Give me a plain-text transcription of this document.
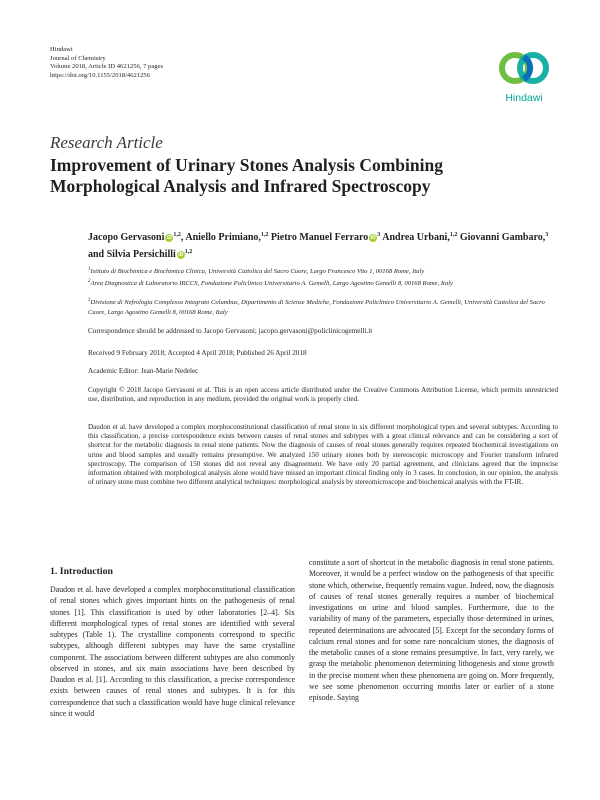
Hindawi
Journal of Chemistry
Volume 2018, Article ID 4621256, 7 pages
https://doi.org/10.1155/2018/4621256
Hindawi
Research Article
Improvement of Urinary Stones Analysis Combining Morphological Analysis and Infrared Spectroscopy
Jacopo Gervasoni iD $^{1,2}$, Aniello Primiano,$^{1,2}$ Pietro Manuel Ferraro iD $^3$ Andrea Urbani,$^{1,2}$ Giovanni Gambaro,$^3$ and Silvia Persichilli iD $^{1,2}$
$^1$Istituto di Biochimica e Biochimica Clinica, Università Cattolica del Sacro Cuore, Largo Francesco Vito 1, 00168 Rome, Italy
$^2$Area Diagnostica di Laboratorio IRCCS, Fondazione Policlinico Universitario A. Gemelli, Largo Agostino Gemelli 8, 00168 Rome, Italy
$^3$Divisione di Nefrologia Complesso Integrato Columbus, Dipartimento di Scienze Mediche, Fondazione Policlinico Universitario A. Gemelli, Università Cattolica del Sacro Cuore, Largo Agostino Gemelli 8, 00168 Rome, Italy
Correspondence should be addressed to Jacopo Gervasoni; jacopo.gervasoni@policlinicogemelli.it
Received 9 February 2018; Accepted 4 April 2018; Published 26 April 2018
Academic Editor: Jean-Marie Nedelec
Copyright © 2018 Jacopo Gervasoni et al. This is an open access article distributed under the Creative Commons Attribution License, which permits unrestricted use, distribution, and reproduction in any medium, provided the original work is properly cited.
Daudon et al. have developed a complex morphoconstitutional classification of renal stone in six different morphological types and several subtypes. According to this classification, a precise correspondence exists between causes of renal stones and subtypes with a great clinical relevance and can be considering a sort of shortcut for the metabolic diagnosis in renal stone patients. Now the diagnosis of causes of renal stones generally requires repeated biochemical investigations on urine and blood samples and usually remains presumptive. We analyzed 150 urinary stones both by stereoscopic microscopy and Fourier transform infrared spectroscopy. The comparison of 150 stones did not reveal any disagreement. We have only 20 partial agreement, and clinicians agreed that the imprecise information obtained with morphological analysis alone would have missed an important clinical finding only in 3 cases. In conclusion, in our opinion, the analysis of urinary stone must combine two different analytical techniques: morphological analysis by stereomicroscope and biochemical analysis with the FT-IR.
1. Introduction
Daudon et al. have developed a complex morphoconstitutional classification of renal stones which gives important hints on the pathogenesis of renal stones [1]. This classification is used by other laboratories [2–4]. Six different morphological types of renal stones are identified with several subtypes (Table 1). The crystalline components correspond to specific subtypes, although different subtypes may have the same crystalline component. The associations between different subtypes are also commonly observed in stones, and six main associations have been described by Daudon et al. [1]. According to this classification, a precise correspondence exists between causes of renal stones and subtypes. It is for this correspondence that such a classification would have huge clinical relevance since it would
constitute a sort of shortcut in the metabolic diagnosis in renal stone patients. Moreover, it would be a perfect window on the pathogenesis of that specific stone which, otherwise, frequently remains vague. Indeed, now, the diagnosis of causes of renal stones generally requires a number of biochemical investigations on urine and blood samples. Furthermore, due to the variability of many of the parameters, especially those determined in urines, repeated determinations are advocated [5]. Except for the secondary forms of calcium renal stones and for some rare noncalcium stones, the diagnosis of the metabolic causes of a stone remains presumptive. In fact, very rarely, we grasp the metabolic phenomenon determining lithogenesis and stone growth in the precise moment when these phenomena are going on. More frequently, we see some phenomenon occurring months later or earlier of a stone episode. Saying
